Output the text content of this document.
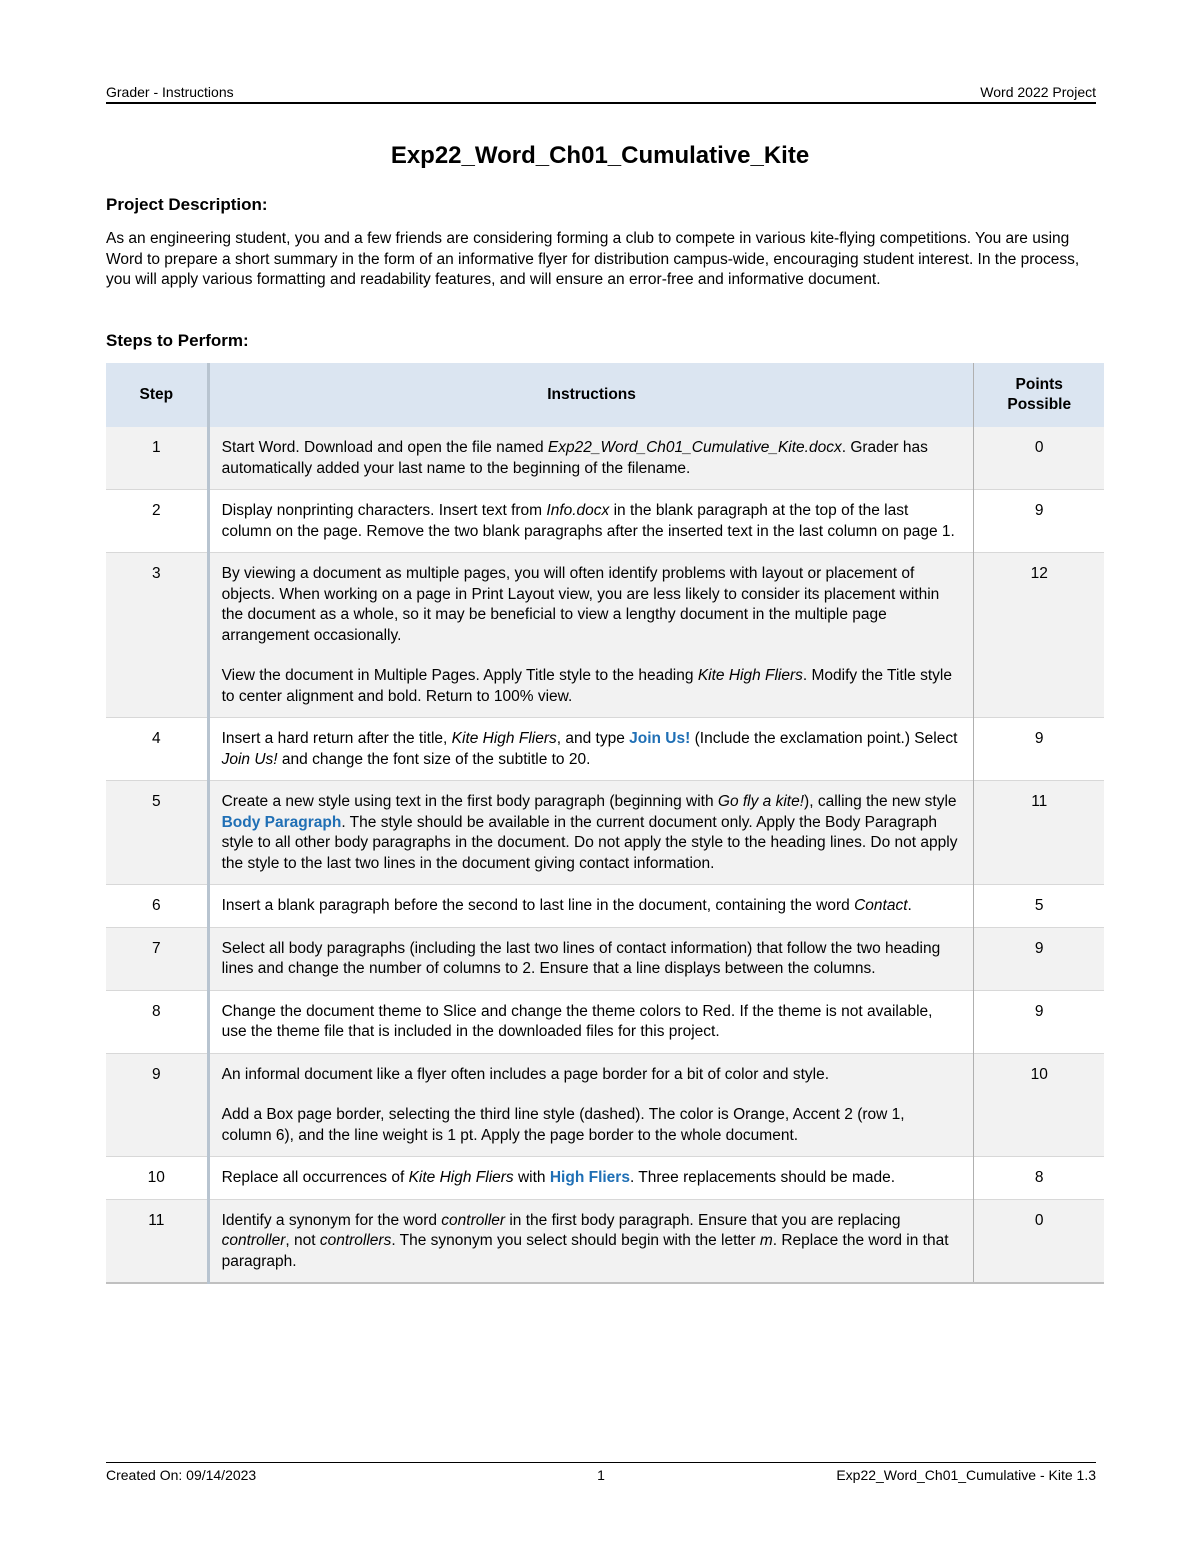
Grader - Instructions	Word 2022 Project
Exp22_Word_Ch01_Cumulative_Kite
Project Description:
As an engineering student, you and a few friends are considering forming a club to compete in various kite-flying competitions. You are using Word to prepare a short summary in the form of an informative flyer for distribution campus-wide, encouraging student interest. In the process, you will apply various formatting and readability features, and will ensure an error-free and informative document.
Steps to Perform:
Step	Instructions	Points Possible

1	Start Word. Download and open the file named Exp22_Word_Ch01_Cumulative_Kite.docx. Grader has automatically added your last name to the beginning of the filename.	0
2	Display nonprinting characters. Insert text from Info.docx in the blank paragraph at the top of the last column on the page. Remove the two blank paragraphs after the inserted text in the last column on page 1.	9
3	By viewing a document as multiple pages, you will often identify problems with layout or placement of objects. When working on a page in Print Layout view, you are less likely to consider its placement within the document as a whole, so it may be beneficial to view a lengthy document in the multiple page arrangement occasionally.
View the document in Multiple Pages. Apply Title style to the heading Kite High Fliers. Modify the Title style to center alignment and bold. Return to 100% view.	12
4	Insert a hard return after the title, Kite High Fliers, and type Join Us! (Include the exclamation point.) Select Join Us! and change the font size of the subtitle to 20.	9
5	Create a new style using text in the first body paragraph (beginning with Go fly a kite!), calling the new style Body Paragraph. The style should be available in the current document only. Apply the Body Paragraph style to all other body paragraphs in the document. Do not apply the style to the heading lines. Do not apply the style to the last two lines in the document giving contact information.	11
6	Insert a blank paragraph before the second to last line in the document, containing the word Contact.	5
7	Select all body paragraphs (including the last two lines of contact information) that follow the two heading lines and change the number of columns to 2. Ensure that a line displays between the columns.	9
8	Change the document theme to Slice and change the theme colors to Red. If the theme is not available, use the theme file that is included in the downloaded files for this project.	9
9	An informal document like a flyer often includes a page border for a bit of color and style.
Add a Box page border, selecting the third line style (dashed). The color is Orange, Accent 2 (row 1, column 6), and the line weight is 1 pt. Apply the page border to the whole document.	10
10	Replace all occurrences of Kite High Fliers with High Fliers. Three replacements should be made.	8
11	Identify a synonym for the word controller in the first body paragraph. Ensure that you are replacing controller, not controllers. The synonym you select should begin with the letter m. Replace the word in that paragraph.	0
Created On: 09/14/2023	1	Exp22_Word_Ch01_Cumulative - Kite 1.3
